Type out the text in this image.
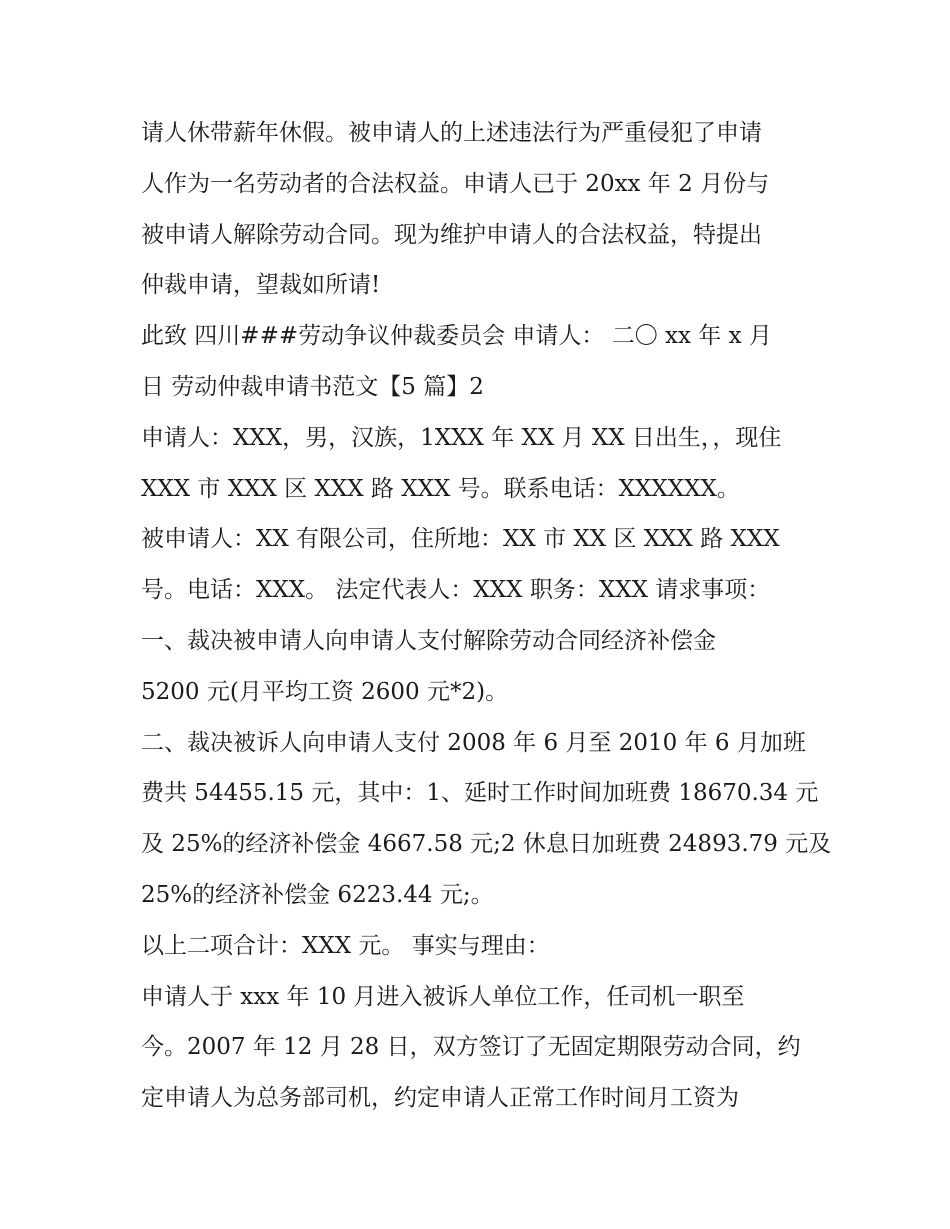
请人休带薪年休假。被申请人的上述违法行为严重侵犯了申请
人作为一名劳动者的合法权益。申请人已于 20xx 年 2 月份与
被申请人解除劳动合同。现为维护申请人的合法权益，特提出
仲裁申请，望裁如所请!
此致 四川###劳动争议仲裁委员会 申请人： 二〇 xx 年 x 月
日 劳动仲裁申请书范文【5 篇】2
申请人：XXX，男，汉族，1XXX 年 XX 月 XX 日出生，，现住
XXX 市 XXX 区 XXX 路 XXX 号。联系电话：XXXXXX。
被申请人：XX 有限公司，住所地：XX 市 XX 区 XXX 路 XXX
号。电话：XXX。 法定代表人：XXX 职务：XXX 请求事项：
一、裁决被申请人向申请人支付解除劳动合同经济补偿金
5200 元(月平均工资 2600 元*2)。
二、裁决被诉人向申请人支付 2008 年 6 月至 2010 年 6 月加班
费共 54455.15 元，其中：1、延时工作时间加班费 18670.34 元
及 25%的经济补偿金 4667.58 元;2 休息日加班费 24893.79 元及
25%的经济补偿金 6223.44 元;。
以上二项合计：XXX 元。 事实与理由：
申请人于 xxx 年 10 月进入被诉人单位工作，任司机一职至
今。2007 年 12 月 28 日，双方签订了无固定期限劳动合同，约
定申请人为总务部司机，约定申请人正常工作时间月工资为
